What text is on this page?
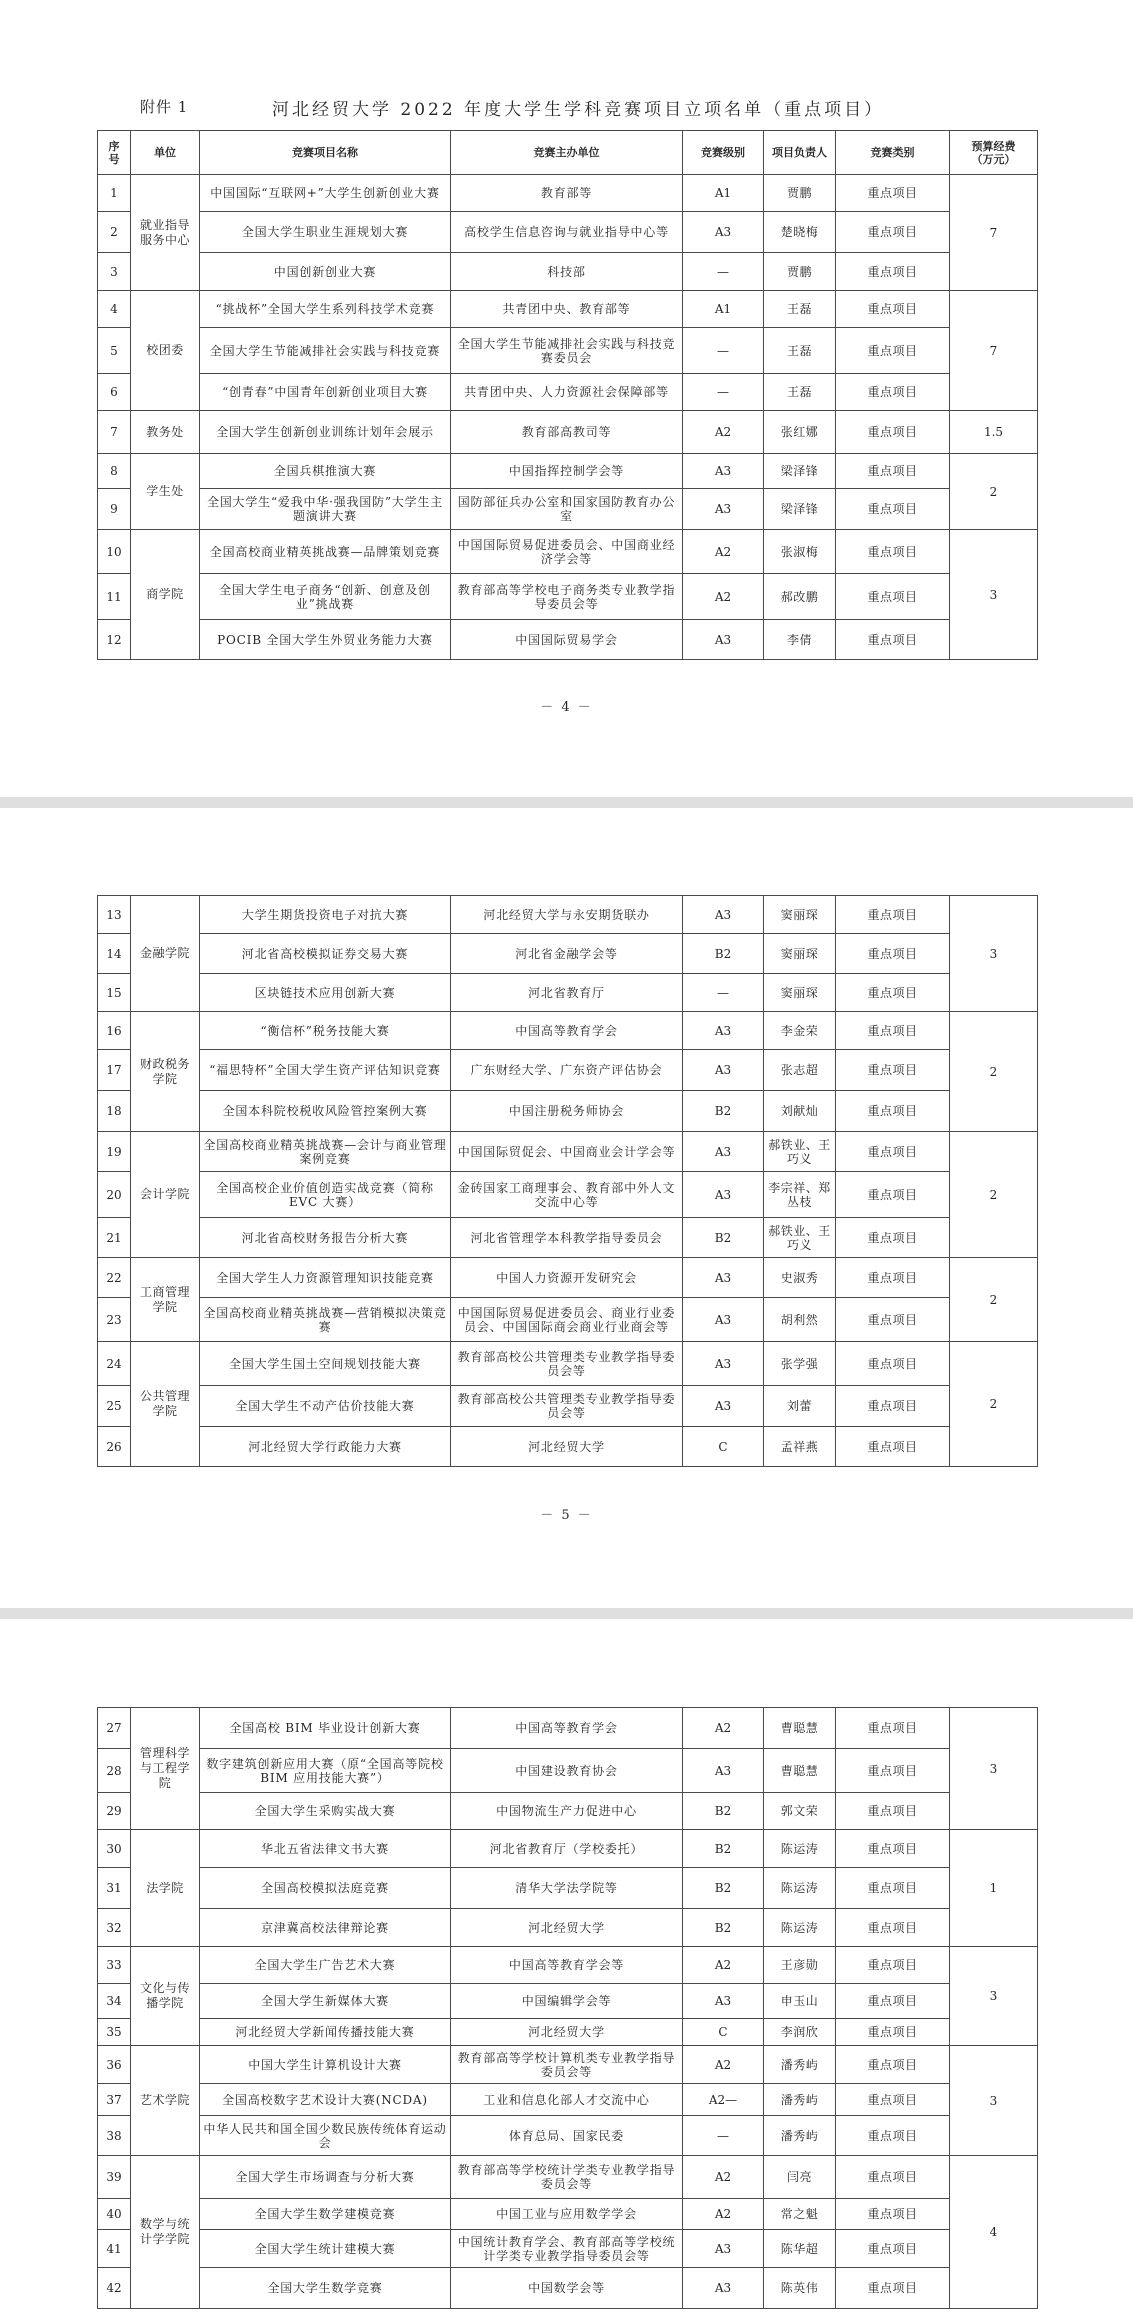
附件 1	河北经贸大学 2022 年度大学生学科竞赛项目立项名单（重点项目）
序号	单位	竞赛项目名称	竞赛主办单位	竞赛级别	项目负责人	竞赛类别	预算经费（万元）
1	就业指导服务中心	中国国际“互联网+”大学生创新创业大赛	教育部等	A1	贾鹏	重点项目	7
2		全国大学生职业生涯规划大赛	高校学生信息咨询与就业指导中心等	A3	楚晓梅	重点项目	
3		中国创新创业大赛	科技部	—	贾鹏	重点项目	
4	校团委	“挑战杯”全国大学生系列科技学术竞赛	共青团中央、教育部等	A1	王磊	重点项目	7
5		全国大学生节能减排社会实践与科技竞赛	全国大学生节能减排社会实践与科技竞赛委员会	—	王磊	重点项目	
6		“创青春”中国青年创新创业项目大赛	共青团中央、人力资源社会保障部等	—	王磊	重点项目	
7	教务处	全国大学生创新创业训练计划年会展示	教育部高教司等	A2	张红娜	重点项目	1.5
8	学生处	全国兵棋推演大赛	中国指挥控制学会等	A3	梁泽锋	重点项目	2
9		全国大学生“爱我中华·强我国防”大学生主题演讲大赛	国防部征兵办公室和国家国防教育办公室	A3	梁泽锋	重点项目	
10	商学院	全国高校商业精英挑战赛—品牌策划竞赛	中国国际贸易促进委员会、中国商业经济学会等	A2	张淑梅	重点项目	3
11		全国大学生电子商务“创新、创意及创业”挑战赛	教育部高等学校电子商务类专业教学指导委员会等	A2	郝改鹏	重点项目	
12		POCIB 全国大学生外贸业务能力大赛	中国国际贸易学会	A3	李倩	重点项目	
－ 4 －
13	金融学院	大学生期货投资电子对抗大赛	河北经贸大学与永安期货联办	A3	窦丽琛	重点项目	3
14		河北省高校模拟证券交易大赛	河北省金融学会等	B2	窦丽琛	重点项目	
15		区块链技术应用创新大赛	河北省教育厅	—	窦丽琛	重点项目	
16	财政税务学院	“衡信杯”税务技能大赛	中国高等教育学会	A3	李金荣	重点项目	2
17		“福思特杯”全国大学生资产评估知识竞赛	广东财经大学、广东资产评估协会	A3	张志超	重点项目	
18		全国本科院校税收风险管控案例大赛	中国注册税务师协会	B2	刘献灿	重点项目	
19	会计学院	全国高校商业精英挑战赛—会计与商业管理案例竞赛	中国国际贸促会、中国商业会计学会等	A3	郝铁业、王巧义	重点项目	2
20		全国高校企业价值创造实战竞赛（简称 EVC 大赛）	金砖国家工商理事会、教育部中外人文交流中心等	A3	李宗祥、郑丛枝	重点项目	
21		河北省高校财务报告分析大赛	河北省管理学本科教学指导委员会	B2	郝铁业、王巧义	重点项目	
22	工商管理学院	全国大学生人力资源管理知识技能竞赛	中国人力资源开发研究会	A3	史淑秀	重点项目	2
23		全国高校商业精英挑战赛—营销模拟决策竞赛	中国国际贸易促进委员会、商业行业委员会、中国国际商会商业行业商会等	A3	胡利然	重点项目	
24	公共管理学院	全国大学生国土空间规划技能大赛	教育部高校公共管理类专业教学指导委员会等	A3	张学强	重点项目	2
25		全国大学生不动产估价技能大赛	教育部高校公共管理类专业教学指导委员会等	A3	刘蕾	重点项目	
26		河北经贸大学行政能力大赛	河北经贸大学	C	孟祥燕	重点项目	
－ 5 －
27	管理科学与工程学院	全国高校 BIM 毕业设计创新大赛	中国高等教育学会	A2	曹聪慧	重点项目	3
28		数字建筑创新应用大赛（原“全国高等院校 BIM 应用技能大赛”）	中国建设教育协会	A3	曹聪慧	重点项目	
29		全国大学生采购实战大赛	中国物流生产力促进中心	B2	郭文荣	重点项目	
30	法学院	华北五省法律文书大赛	河北省教育厅（学校委托）	B2	陈运涛	重点项目	1
31		全国高校模拟法庭竞赛	清华大学法学院等	B2	陈运涛	重点项目	
32		京津冀高校法律辩论赛	河北经贸大学	B2	陈运涛	重点项目	
33	文化与传播学院	全国大学生广告艺术大赛	中国高等教育学会等	A2	王彦勋	重点项目	3
34		全国大学生新媒体大赛	中国编辑学会等	A3	申玉山	重点项目	
35		河北经贸大学新闻传播技能大赛	河北经贸大学	C	李润欣	重点项目	
36	艺术学院	中国大学生计算机设计大赛	教育部高等学校计算机类专业教学指导委员会等	A2	潘秀屿	重点项目	3
37		全国高校数字艺术设计大赛(NCDA)	工业和信息化部人才交流中心	A2—	潘秀屿	重点项目	
38		中华人民共和国全国少数民族传统体育运动会	体育总局、国家民委	—	潘秀屿	重点项目	
39	数学与统计学学院	全国大学生市场调查与分析大赛	教育部高等学校统计学类专业教学指导委员会等	A2	闫亮	重点项目	4
40		全国大学生数学建模竞赛	中国工业与应用数学学会	A2	常之魁	重点项目	
41		全国大学生统计建模大赛	中国统计教育学会、教育部高等学校统计学类专业教学指导委员会等	A3	陈华超	重点项目	
42		全国大学生数学竞赛	中国数学会等	A3	陈英伟	重点项目	
